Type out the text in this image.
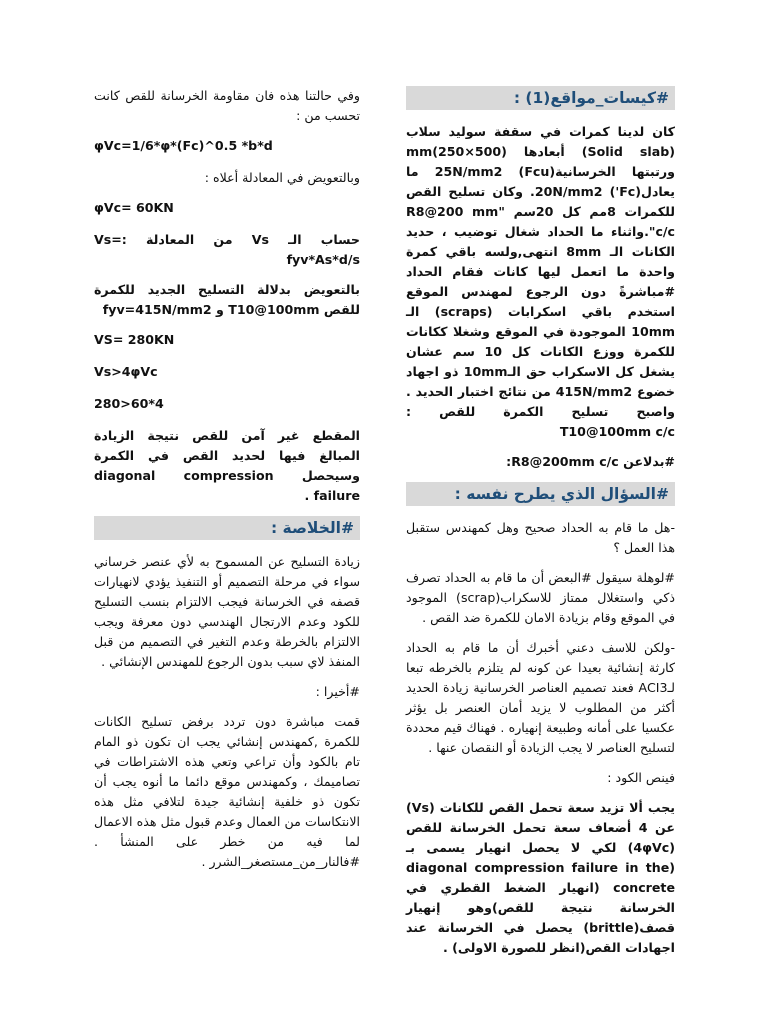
وفي حالتنا هذه فان مقاومة الخرسانة للقص كانت تحسب من :

φVc=1/6*φ*(Fc)^0.5 *b*d

وبالتعويض في المعادلة أعلاه :

φVc= 60KN

حساب الـ Vs من المعادلة :Vs= fyv*As*d/s

بالتعويض بدلالة التسليح الجديد للكمرة للقص T10@100mm و fyv=415N/mm2

VS= 280KN

Vs>4φVc

280>60*4

المقطع غير آمن للقص نتيجة الزيادة المبالغ فيها لحديد القص في الكمرة وسيحصل diagonal compression failure .

#الخلاصة :

زيادة التسليح عن المسموح به لأي عنصر خرساني سواء في مرحلة التصميم أو التنفيذ يؤدي لانهيارات قصفه في الخرسانة فيجب الالتزام بنسب التسليح للكود وعدم الارتجال الهندسي دون معرفة ويجب الالتزام بالخرطة وعدم التغير في التصميم من قبل المنفذ لاي سبب بدون الرجوع للمهندس الإنشائي .

#أخيرا :

قمت مباشرة دون تردد برفض تسليح الكانات للكمرة ,كمهندس إنشائي يجب ان تكون ذو المام تام بالكود وأن تراعي وتعي هذه الاشتراطات في تصاميمك ، وكمهندس موقع دائما ما أنوه يجب أن تكون ذو خلفية إنشائية جيدة لتلافي مثل هذه الانتكاسات من العمال وعدم قبول مثل هذه الاعمال لما فيه من خطر على المنشأ . #فالنار_من_مستصغر_الشرر .

#كيسات_مواقع(1) :

كان لدينا كمرات في سقفة سوليد سلاب (Solid slab) أبعادها (500×250)mm ورتبتها الخرسانية(Fcu) 25N/mm2 ما يعادل(Fc') 20N/mm2. وكان تسليح القص للكمرات 8مم كل 20سم "R8@200 mm c/c".واثناء ما الحداد شغال توضيب ، حديد الكانات الـ 8mm انتهى,ولسه باقي كمرة واحدة ما اتعمل ليها كانات فقام الحداد #مباشرةً دون الرجوع لمهندس الموقع استخدم باقي اسكرابات (scraps) الـ 10mm الموجودة في الموقع وشغلا ككانات للكمرة ووزع الكانات كل 10 سم عشان يشغل كل الاسكراب حق الـ10mm ذو اجهاد خضوع 415N/mm2 من نتائج اختبار الحديد . واصبح تسليح الكمرة للقص : T10@100mm c/c

#بدلاعن R8@200mm c/c:

#السؤال الذي يطرح نفسه :

-هل ما قام به الحداد صحيح وهل كمهندس ستقبل هذا العمل ؟

#لوهلة سيقول #البعض أن ما قام به الحداد تصرف ذكي واستغلال ممتاز للاسكراب(scrap) الموجود في الموقع وقام بزيادة الامان للكمرة ضد القص .

-ولكن للاسف دعني أخبرك أن ما قام به الحداد كارثة إنشائية بعيدا عن كونه لم يتلزم بالخرطه تبعا لـACI3 فعند تصميم العناصر الخرسانية زيادة الحديد أكثر من المطلوب لا يزيد أمان العنصر بل يؤثر عكسيا على أمانه وطبيعة إنهياره . فهناك قيم محددة لتسليح العناصر لا يجب الزيادة أو النقصان عنها .

فينص الكود :

يجب ألا تزيد سعة تحمل القص للكانات (Vs) عن 4 أضعاف سعة تحمل الخرسانة للقص (4φVc) لكي لا يحصل انهيار يسمى بـ (diagonal compression failure in the concrete (انهيار الضغط القطري في الخرسانة نتيجة للقص)وهو إنهيار قصف(brittle) يحصل في الخرسانة عند اجهادات القص(انظر للصورة الاولى) .
